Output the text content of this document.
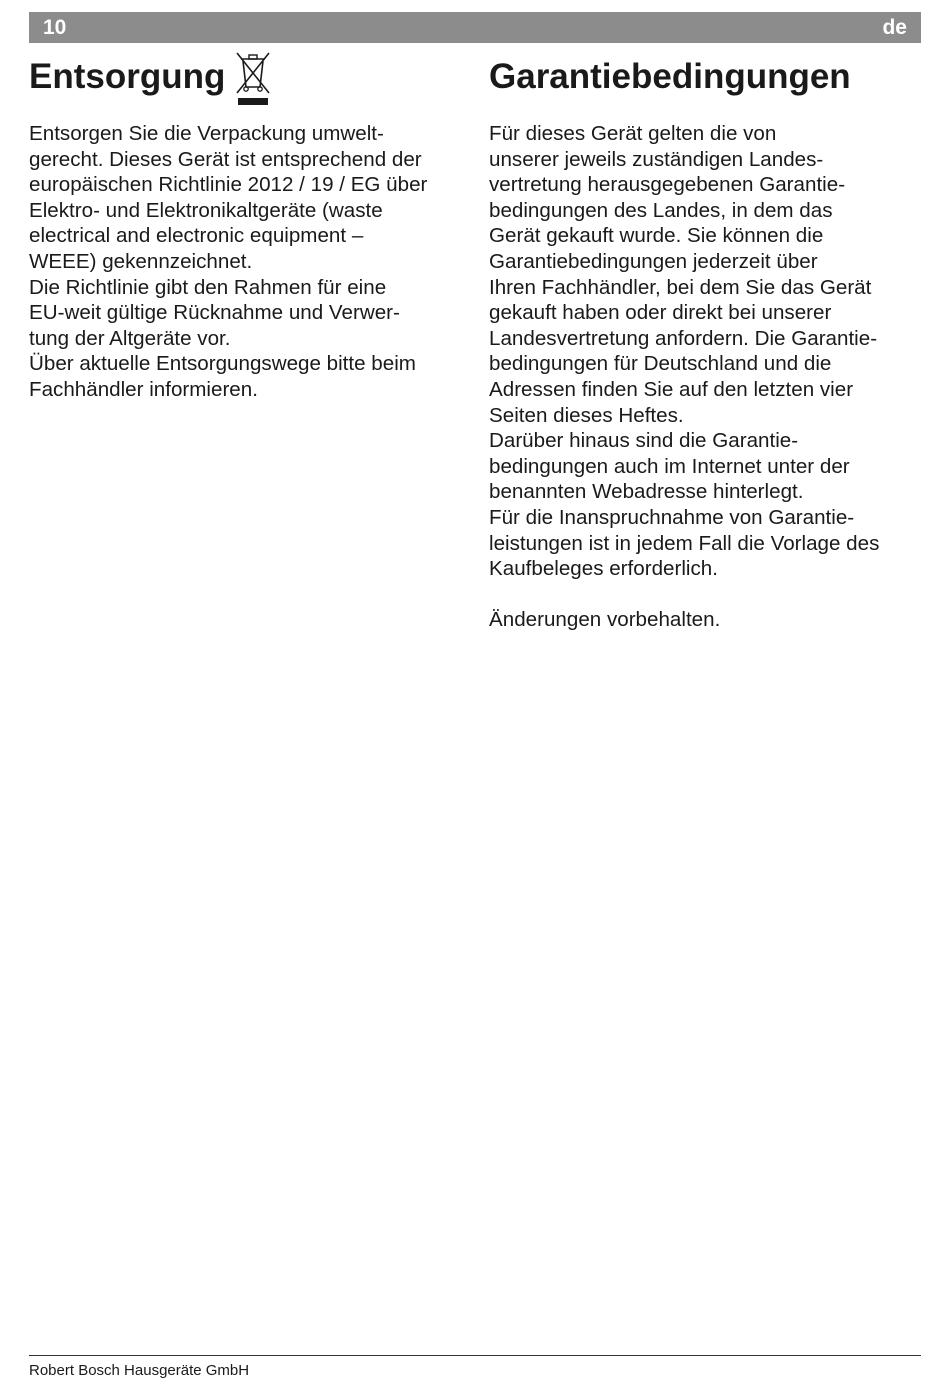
10	de
Entsorgung

Entsorgen Sie die Verpackung umwelt-
gerecht. Dieses Gerät ist entsprechend der
europäischen Richtlinie 2012 / 19 / EG über
Elektro- und Elektronikaltgeräte (waste
electrical and electronic equipment –
WEEE) gekennzeichnet.
Die Richtlinie gibt den Rahmen für eine
EU-weit gültige Rücknahme und Verwer-
tung der Altgeräte vor.
Über aktuelle Entsorgungswege bitte beim
Fachhändler informieren.

Garantiebedingungen

Für dieses Gerät gelten die von
unserer jeweils zuständigen Landes-
vertretung herausgegebenen Garantie-
bedingungen des Landes, in dem das
Gerät gekauft wurde. Sie können die
Garantiebedingungen jederzeit über
Ihren Fachhändler, bei dem Sie das Gerät
gekauft haben oder direkt bei unserer
Landesvertretung anfordern. Die Garantie-
bedingungen für Deutschland und die
Adressen finden Sie auf den letzten vier
Seiten dieses Heftes.
Darüber hinaus sind die Garantie-
bedingungen auch im Internet unter der
benannten Webadresse hinterlegt.
Für die Inanspruchnahme von Garantie-
leistungen ist in jedem Fall die Vorlage des
Kaufbeleges erforderlich.

Änderungen vorbehalten.

Robert Bosch Hausgeräte GmbH
